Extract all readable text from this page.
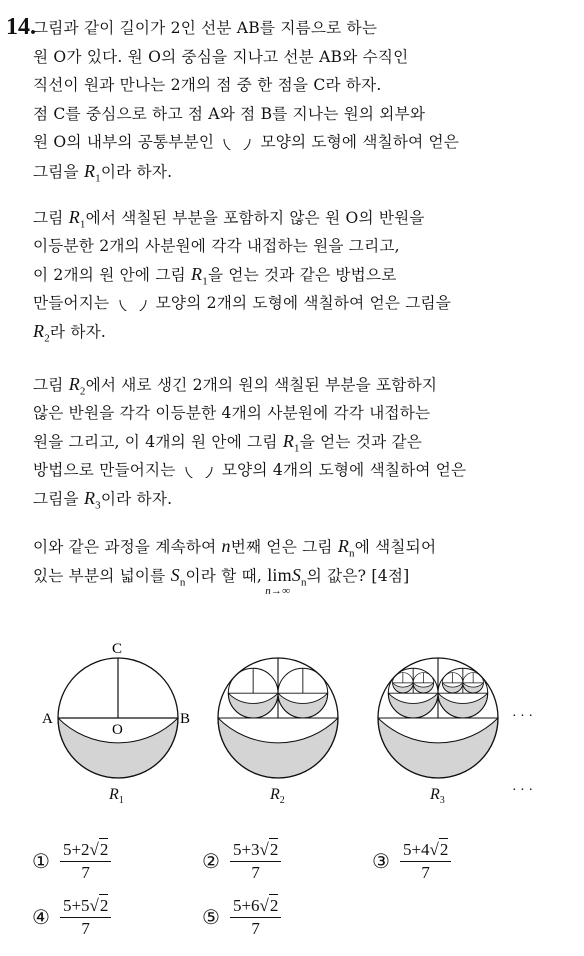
14.
그림과 같이 길이가 2인 선분 AB를 지름으로 하는
원 O가 있다. 원 O의 중심을 지나고 선분 AB와 수직인
직선이 원과 만나는 2개의 점 중 한 점을 C라 하자.
점 C를 중심으로 하고 점 A와 점 B를 지나는 원의 외부와
원 O의 내부의 공통부분인	모양의 도형에 색칠하여 얻은
그림을 $R_1$이라 하자.
그림 $R_1$에서 색칠된 부분을 포함하지 않은 원 O의 반원을
이등분한 2개의 사분원에 각각 내접하는 원을 그리고,
이 2개의 원 안에 그림 $R_1$을 얻는 것과 같은 방법으로
만들어지는	모양의 2개의 도형에 색칠하여 얻은 그림을
$R_2$라 하자.
그림 $R_2$에서 새로 생긴 2개의 원의 색칠된 부분을 포함하지
않은 반원을 각각 이등분한 4개의 사분원에 각각 내접하는
원을 그리고, 이 4개의 원 안에 그림 $R_1$을 얻는 것과 같은
방법으로 만들어지는	모양의 4개의 도형에 색칠하여 얻은
그림을 $R_3$이라 하자.
이와 같은 과정을 계속하여 n번째 얻은 그림 $R_n$에 색칠되어
있는 부분의 넓이를 $S_n$이라 할 때, lim
n→∞
$S_n$의 값은? [4점]
C
A	B
O
· · ·
· · ·
$R_1$	$R_2$	$R_3$
① $\frac{5+2√2}{7}$	② $\frac{5+3√2}{7}$	③ $\frac{5+4√2}{7}$
④ $\frac{5+5√2}{7}$	⑤ $\frac{5+6√2}{7}$
